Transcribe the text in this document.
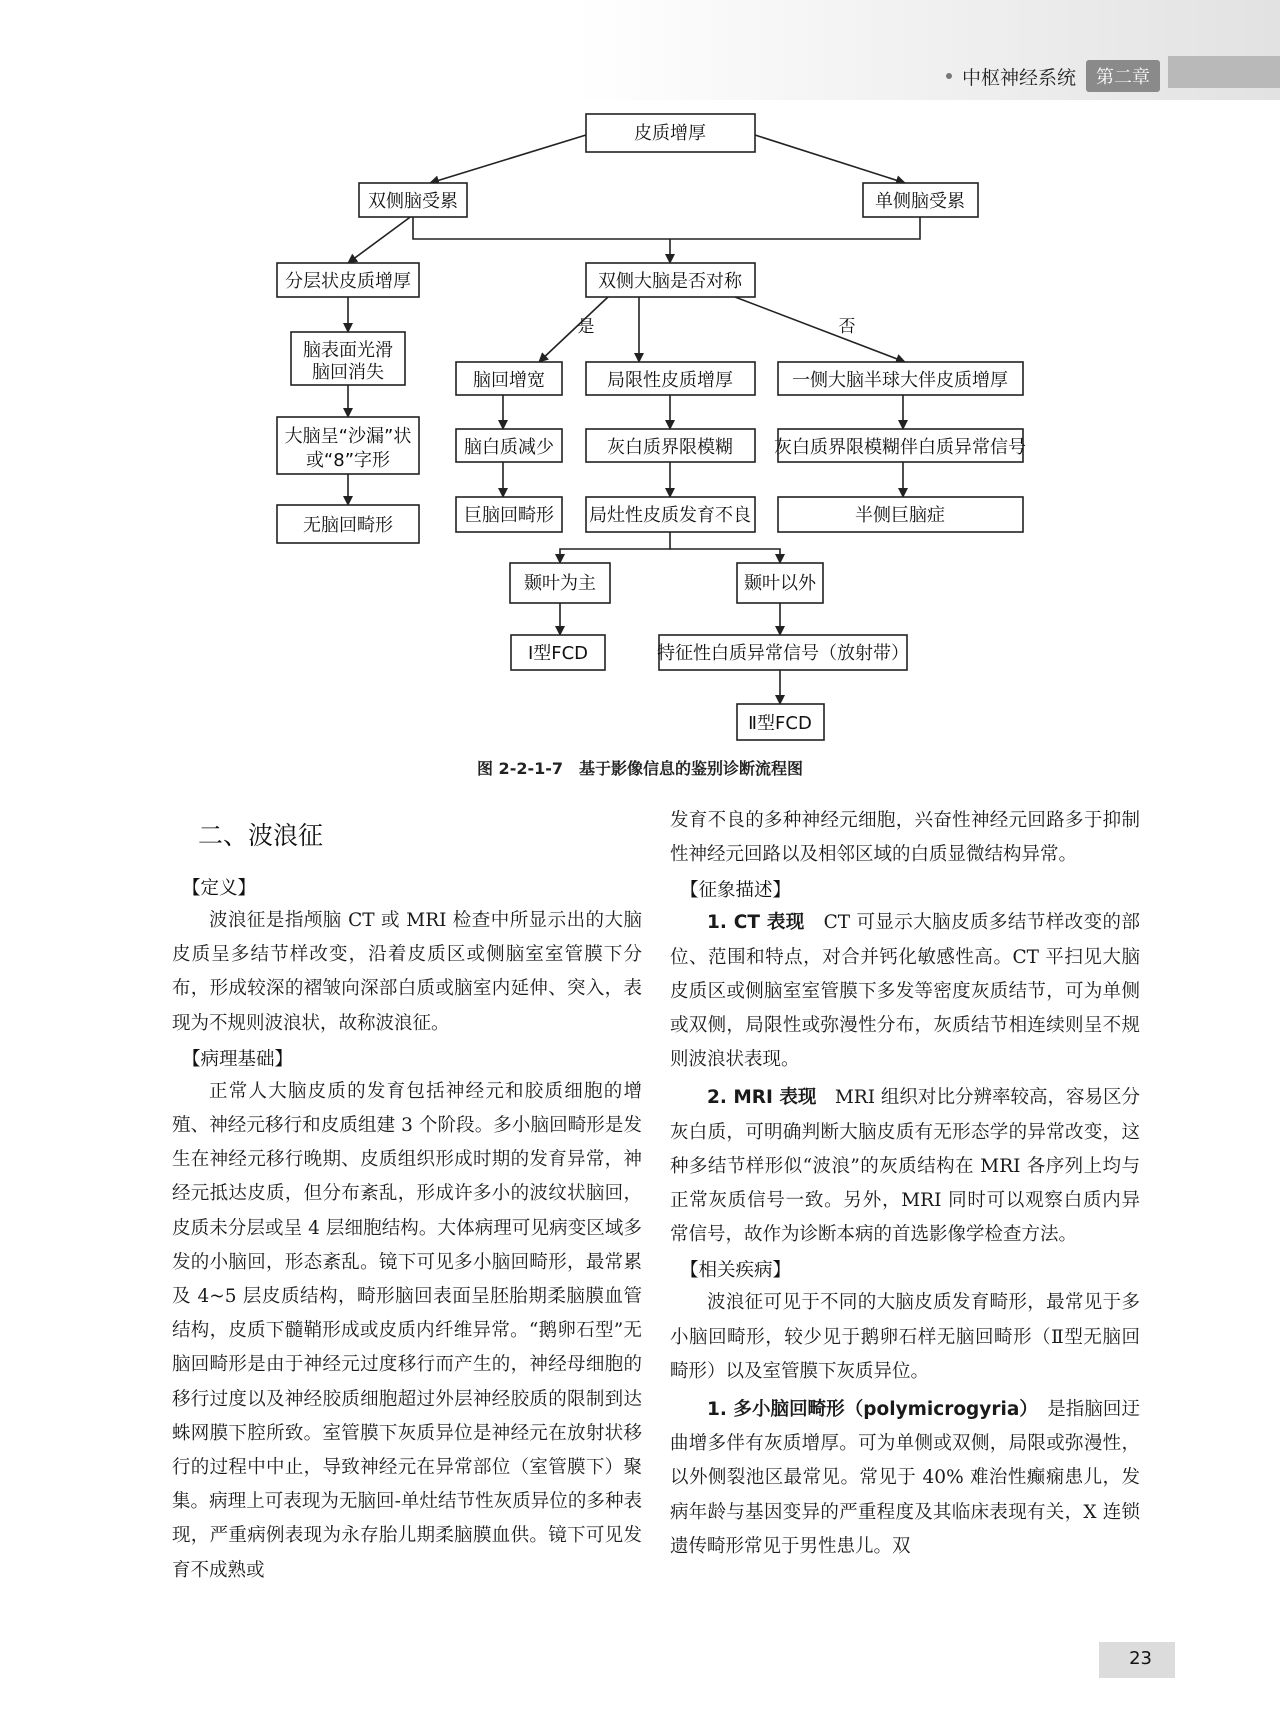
中枢神经系统	第二章
是	否
皮质增厚
双侧脑受累	单侧脑受累
分层状皮质增厚	双侧大脑是否对称
脑表面光滑
脑回消失
大脑呈“沙漏”状
或“8”字形
无脑回畸形
脑回增宽	局限性皮质增厚	一侧大脑半球大伴皮质增厚
脑白质减少	灰白质界限模糊 灰白质界限模糊伴白质异常信号
巨脑回畸形 局灶性皮质发育不良	半侧巨脑症
颞叶为主	颞叶以外
Ⅰ型FCD	特征性白质异常信号（放射带）
Ⅱ型FCD
图 2-2-1-7　基于影像信息的鉴别诊断流程图
二、波浪征
【定义】

波浪征是指颅脑 CT 或 MRI 检查中所显示出的大脑皮质呈多结节样改变，沿着皮质区或侧脑室室管膜下分布，形成较深的褶皱向深部白质或脑室内延伸、突入，表现为不规则波浪状，故称波浪征。

【病理基础】

正常人大脑皮质的发育包括神经元和胶质细胞的增殖、神经元移行和皮质组建 3 个阶段。多小脑回畸形是发生在神经元移行晚期、皮质组织形成时期的发育异常，神经元抵达皮质，但分布紊乱，形成许多小的波纹状脑回，皮质未分层或呈 4 层细胞结构。大体病理可见病变区域多发的小脑回，形态紊乱。镜下可见多小脑回畸形，最常累及 4~5 层皮质结构，畸形脑回表面呈胚胎期柔脑膜血管结构，皮质下髓鞘形成或皮质内纤维异常。“鹅卵石型”无脑回畸形是由于神经元过度移行而产生的，神经母细胞的移行过度以及神经胶质细胞超过外层神经胶质的限制到达蛛网膜下腔所致。室管膜下灰质异位是神经元在放射状移行的过程中中止，导致神经元在异常部位（室管膜下）聚集。病理上可表现为无脑回-单灶结节性灰质异位的多种表现，严重病例表现为永存胎儿期柔脑膜血供。镜下可见发育不成熟或

发育不良的多种神经元细胞，兴奋性神经元回路多于抑制性神经元回路以及相邻区域的白质显微结构异常。

【征象描述】

1. CT 表现　 CT 可显示大脑皮质多结节样改变的部位、范围和特点，对合并钙化敏感性高。CT 平扫见大脑皮质区或侧脑室室管膜下多发等密度灰质结节，可为单侧或双侧，局限性或弥漫性分布，灰质结节相连续则呈不规则波浪状表现。

2. MRI 表现　 MRI 组织对比分辨率较高，容易区分灰白质，可明确判断大脑皮质有无形态学的异常改变，这种多结节样形似“波浪”的灰质结构在 MRI 各序列上均与正常灰质信号一致。另外，MRI 同时可以观察白质内异常信号，故作为诊断本病的首选影像学检查方法。

【相关疾病】

波浪征可见于不同的大脑皮质发育畸形，最常见于多小脑回畸形，较少见于鹅卵石样无脑回畸形（Ⅱ型无脑回畸形）以及室管膜下灰质异位。

1. 多小脑回畸形（polymicrogyria）　 是指脑回迂曲增多伴有灰质增厚。可为单侧或双侧，局限或弥漫性，以外侧裂池区最常见。常见于 40% 难治性癫痫患儿，发病年龄与基因变异的严重程度及其临床表现有关，X 连锁遗传畸形常见于男性患儿。双

23
